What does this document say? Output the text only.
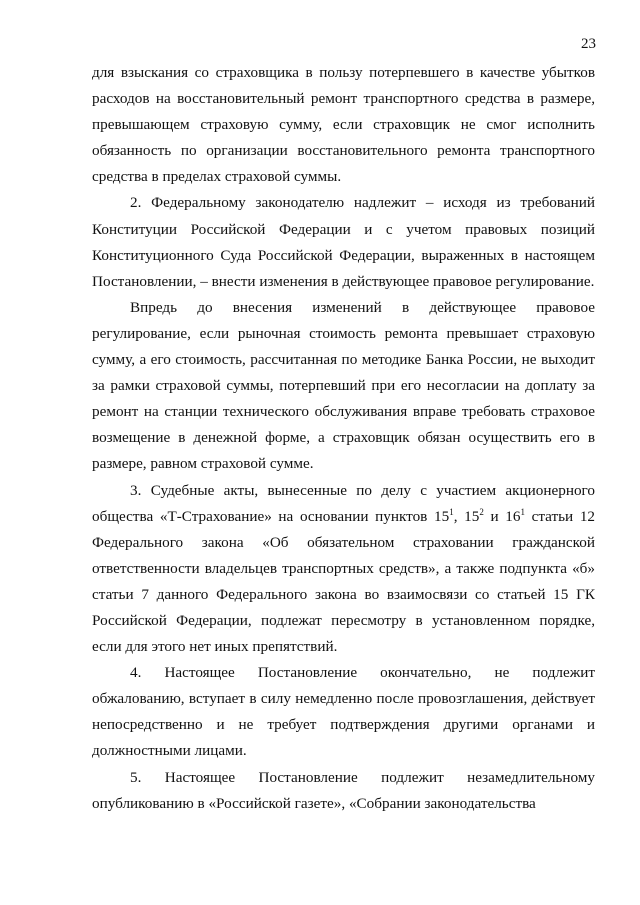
23

для взыскания со страховщика в пользу потерпевшего в качестве убытков расходов на восстановительный ремонт транспортного средства в размере, превышающем страховую сумму, если страховщик не смог исполнить обязанность по организации восстановительного ремонта транспортного средства в пределах страховой суммы.

2. Федеральному законодателю надлежит – исходя из требований Конституции Российской Федерации и с учетом правовых позиций Конституционного Суда Российской Федерации, выраженных в настоящем Постановлении, – внести изменения в действующее правовое регулирование.

Впредь до внесения изменений в действующее правовое регулирование, если рыночная стоимость ремонта превышает страховую сумму, а его стоимость, рассчитанная по методике Банка России, не выходит за рамки страховой суммы, потерпевший при его несогласии на доплату за ремонт на станции технического обслуживания вправе требовать страховое возмещение в денежной форме, а страховщик обязан осуществить его в размере, равном страховой сумме.

3. Судебные акты, вынесенные по делу с участием акционерного общества «Т-Страхование» на основании пунктов $15^1$, $15^2$ и $16^1$ статьи 12 Федерального закона «Об обязательном страховании гражданской ответственности владельцев транспортных средств», а также подпункта «б» статьи 7 данного Федерального закона во взаимосвязи со статьей 15 ГК Российской Федерации, подлежат пересмотру в установленном порядке, если для этого нет иных препятствий.

4. Настоящее Постановление окончательно, не подлежит обжалованию, вступает в силу немедленно после провозглашения, действует непосредственно и не требует подтверждения другими органами и должностными лицами.

5. Настоящее Постановление подлежит незамедлительному опубликованию в «Российской газете», «Собрании законодательства
